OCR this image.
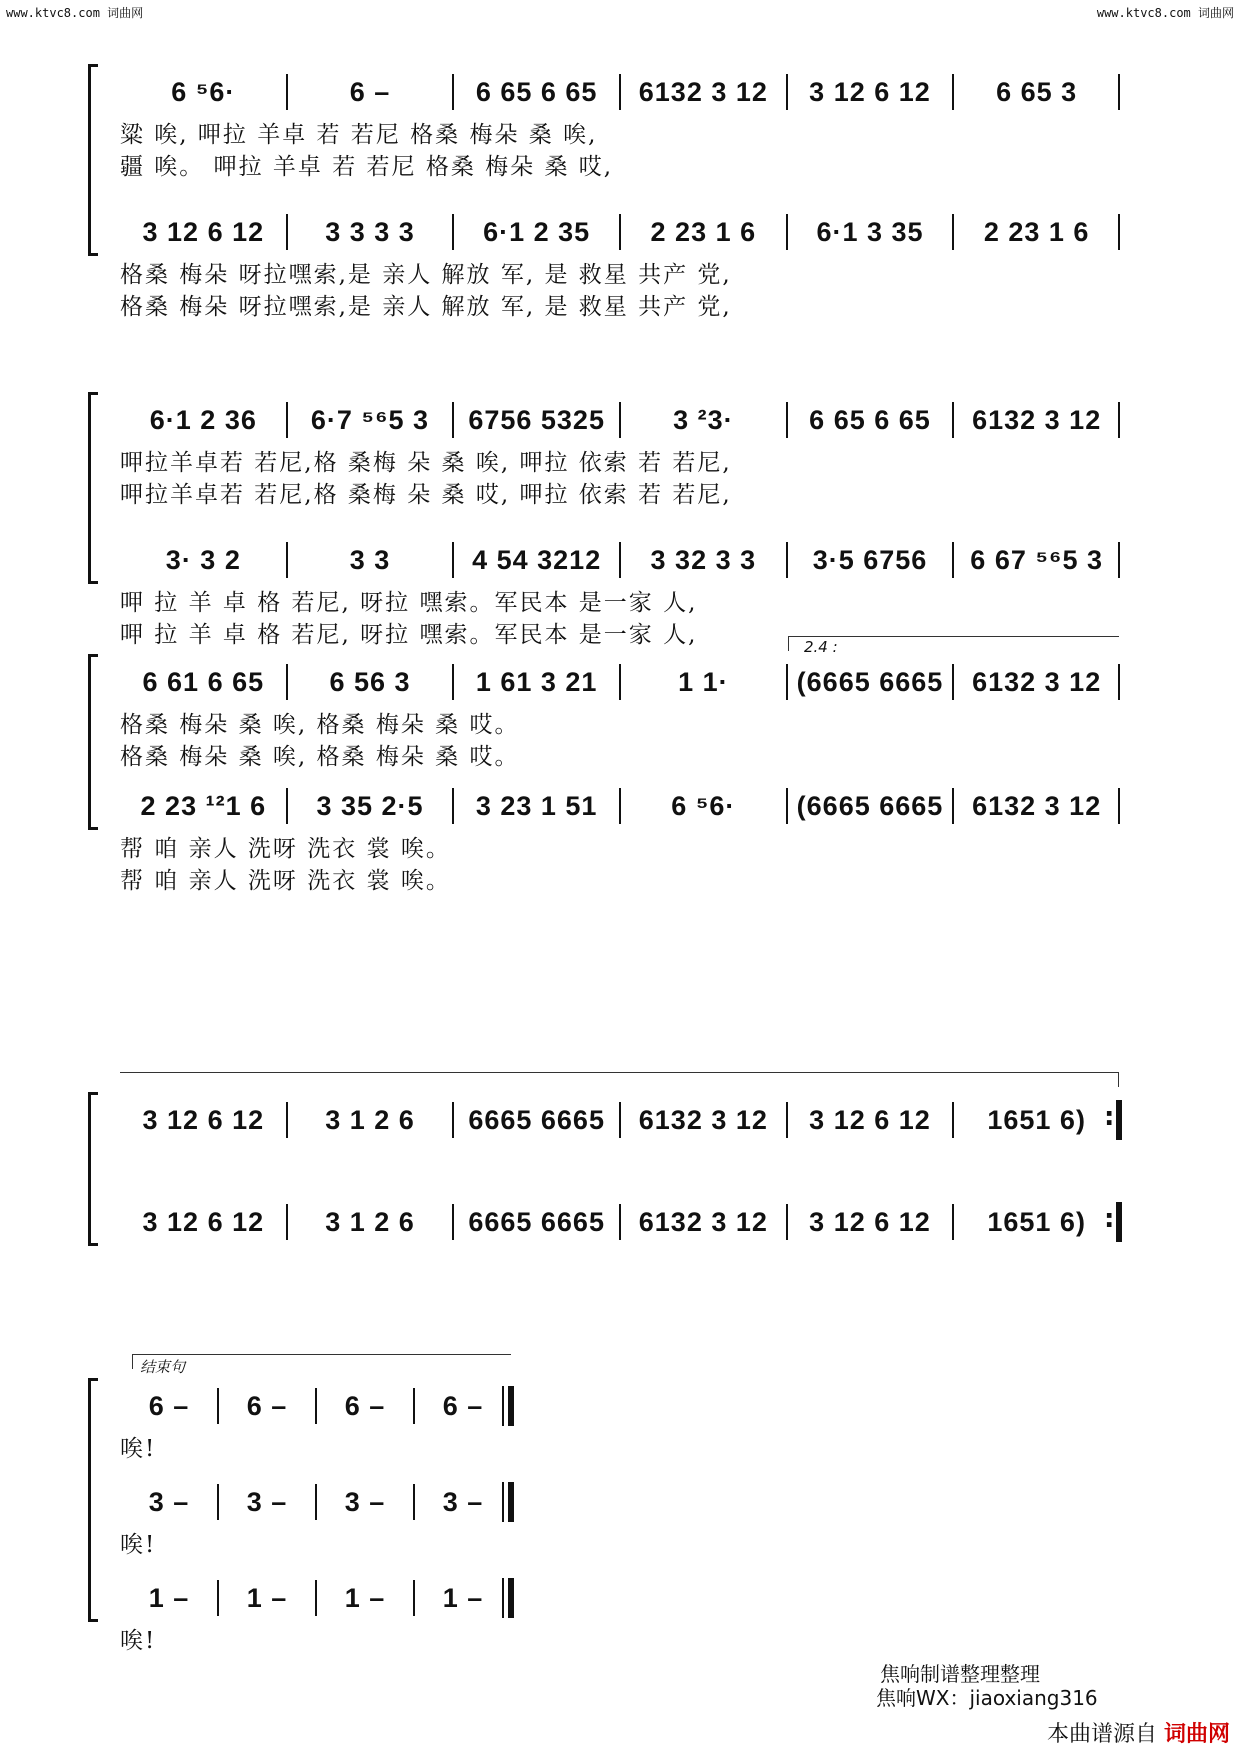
www.ktvc8.com 词曲网	www.ktvc8.com 词曲网
6 ⁵6·	6 –	6 65 6 65 6132 3 12 3 12 6 12 6 65 3
粱 唉, 呷拉 羊卓 若 若尼 格桑 梅朵 桑 唉,
疆 唉。 呷拉 羊卓 若 若尼 格桑 梅朵 桑 哎,
3 12 6 12 3 3 3 3	6·1 2 35 2 23 1 6 6·1 3 35 2 23 1 6
格桑 梅朵 呀拉嘿索,是 亲人 解放 军, 是 救星 共产 党,
格桑 梅朵 呀拉嘿索,是 亲人 解放 军, 是 救星 共产 党,
6·1 2 36 6·7 ⁵⁶5 3 6756 5325	3 ²3·	6 65 6 65 6132 3 12
呷拉羊卓若 若尼,格 桑梅 朵 桑 唉, 呷拉 依索 若 若尼,
呷拉羊卓若 若尼,格 桑梅 朵 桑 哎, 呷拉 依索 若 若尼,
3· 3 2	3 3	4 54 3212 3 32 3 3 3·5 6756 6 67 ⁵⁶5 3
呷 拉 羊 卓 格 若尼, 呀拉 嘿索。军民本 是一家 人,
呷 拉 羊 卓 格 若尼, 呀拉 嘿索。军民本 是一家 人,	2.4 :
6 61 6 65 6 56 3 1 61 3 21	1 1·	(6665 6665 6132 3 12
格桑 梅朵 桑 唉, 格桑 梅朵 桑 哎。
格桑 梅朵 桑 唉, 格桑 梅朵 桑 哎。
2 23 ¹²1 6 3 35 2·5 3 23 1 51	6 ⁵6· (6665 6665 6132 3 12
帮 咱 亲人 洗呀 洗衣 裳 唉。
帮 咱 亲人 洗呀 洗衣 裳 唉。
3 12 6 12 3 1 2 6 6665 6665 6132 3 12 3 12 6 12 1651 6) :
3 12 6 12 3 1 2 6 6665 6665 6132 3 12 3 12 6 12 1651 6) :
结束句
6 – 6 – 6 – 6 –
唉!
3 – 3 – 3 – 3 –
唉!
1 – 1 – 1 – 1 –
唉!
焦响制谱整理整理
焦响WX：jiaoxiang316
本曲谱源自 词曲网
